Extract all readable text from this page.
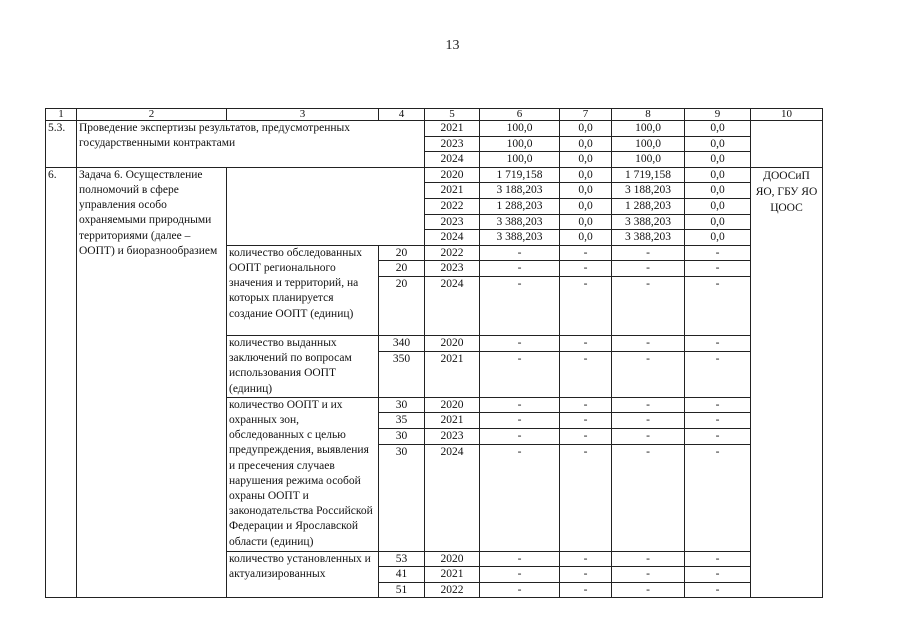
13
1	2	3	4	5	6	7	8	9	10
5.3.	Проведение экспертизы результатов, предусмотренных государственными контрактами			2021	100,0	0,0	100,0	0,0	
				2023	100,0	0,0	100,0	0,0	
				2024	100,0	0,0	100,0	0,0	
6.	Задача 6. Осуществление полномочий в сфере управления особо охраняемыми природными территориями (далее – ООПТ) и биоразнообразием			2020	1 719,158	0,0	1 719,158	0,0	ДООСиП ЯО, ГБУ ЯО ЦООС
				2021	3 188,203	0,0	3 188,203	0,0	
				2022	1 288,203	0,0	1 288,203	0,0	
				2023	3 388,203	0,0	3 388,203	0,0	
				2024	3 388,203	0,0	3 388,203	0,0	
		количество обследованных ООПТ регионального значения и территорий, на которых планируется создание ООПТ (единиц)	20	2022	-	-	-	-	
			20	2023	-	-	-	-	
			20	2024	-	-	-	-	
		количество выданных заключений по вопросам использования ООПТ (единиц)	340	2020	-	-	-	-	
			350	2021	-	-	-	-	
		количество ООПТ и их охранных зон, обследованных с целью предупреждения, выявления и пресечения случаев нарушения режима особой охраны ООПТ и законодательства Российской Федерации и Ярославской области (единиц)	30	2020	-	-	-	-	
			35	2021	-	-	-	-	
			30	2023	-	-	-	-	
			30	2024	-	-	-	-	
		количество установленных и актуализированных	53	2020	-	-	-	-	
			41	2021	-	-	-	-	
			51	2022	-	-	-	-	
